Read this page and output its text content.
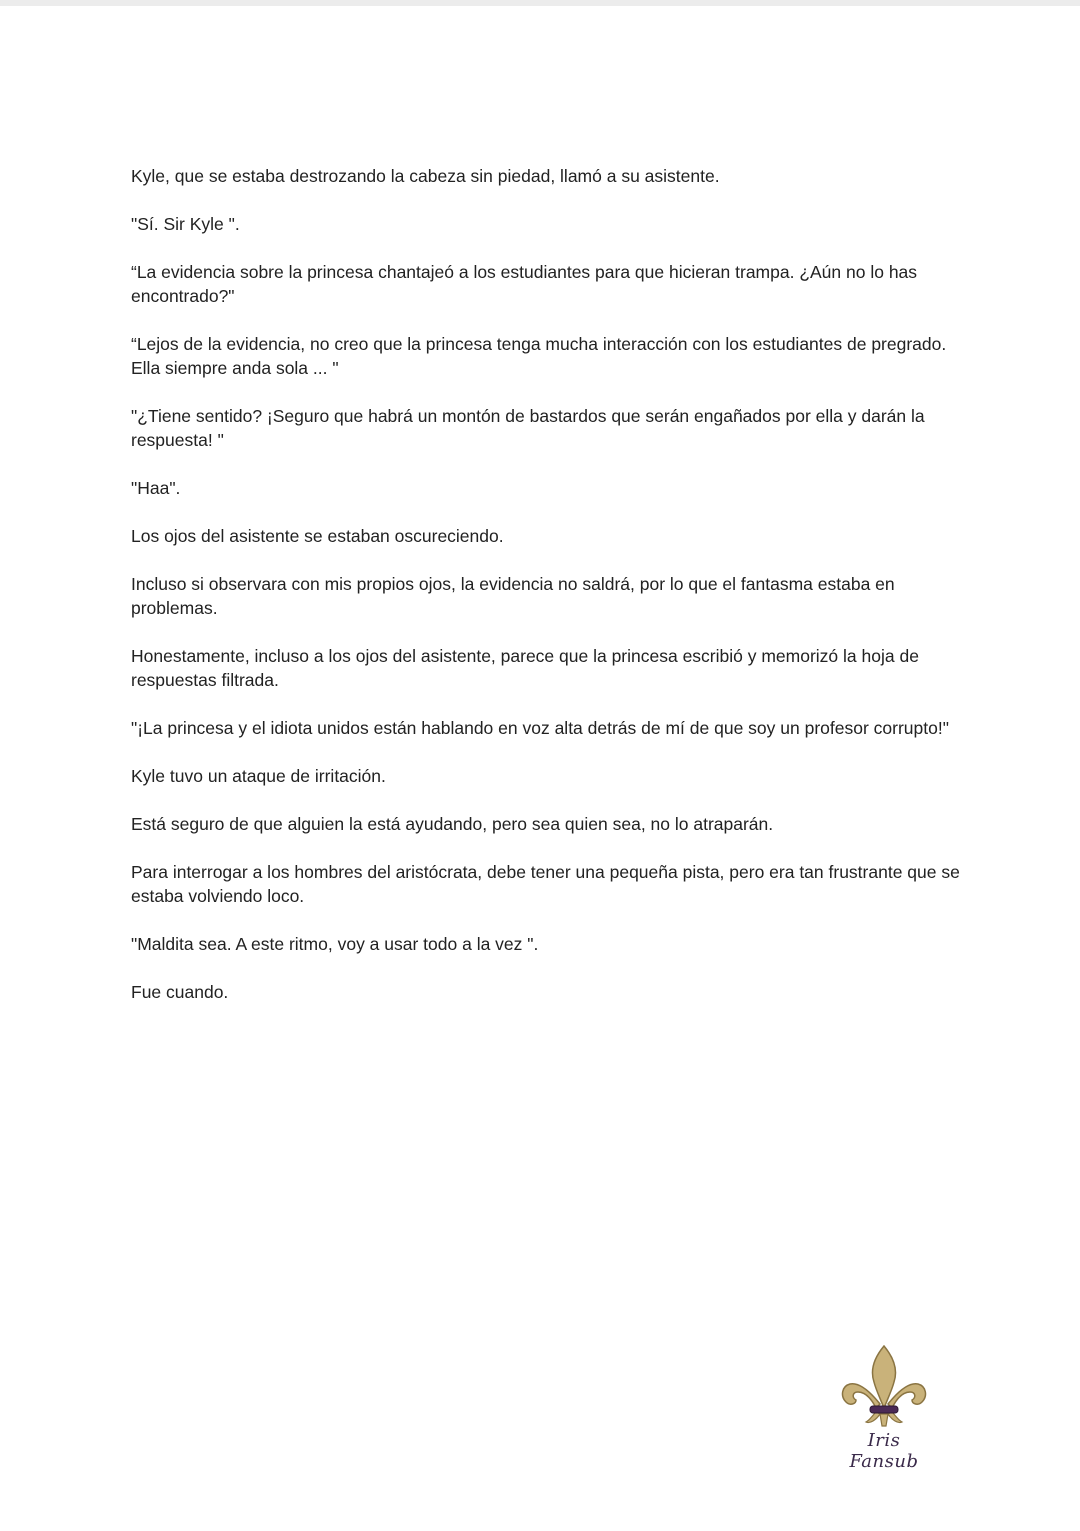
Kyle, que se estaba destrozando la cabeza sin piedad, llamó a su asistente.

"Sí. Sir Kyle ".

“La evidencia sobre la princesa chantajeó a los estudiantes para que hicieran trampa. ¿Aún no lo has encontrado?"

“Lejos de la evidencia, no creo que la princesa tenga mucha interacción con los estudiantes de pregrado. Ella siempre anda sola ... "

"¿Tiene sentido? ¡Seguro que habrá un montón de bastardos que serán engañados por ella y darán la respuesta! "

"Haa".

Los ojos del asistente se estaban oscureciendo.

Incluso si observara con mis propios ojos, la evidencia no saldrá, por lo que el fantasma estaba en problemas.

Honestamente, incluso a los ojos del asistente, parece que la princesa escribió y memorizó la hoja de respuestas filtrada.

"¡La princesa y el idiota unidos están hablando en voz alta detrás de mí de que soy un profesor corrupto!"

Kyle tuvo un ataque de irritación.

Está seguro de que alguien la está ayudando, pero sea quien sea, no lo atraparán.

Para interrogar a los hombres del aristócrata, debe tener una pequeña pista, pero era tan frustrante que se estaba volviendo loco.

"Maldita sea. A este ritmo, voy a usar todo a la vez ".

Fue cuando.

Iris Fansub
